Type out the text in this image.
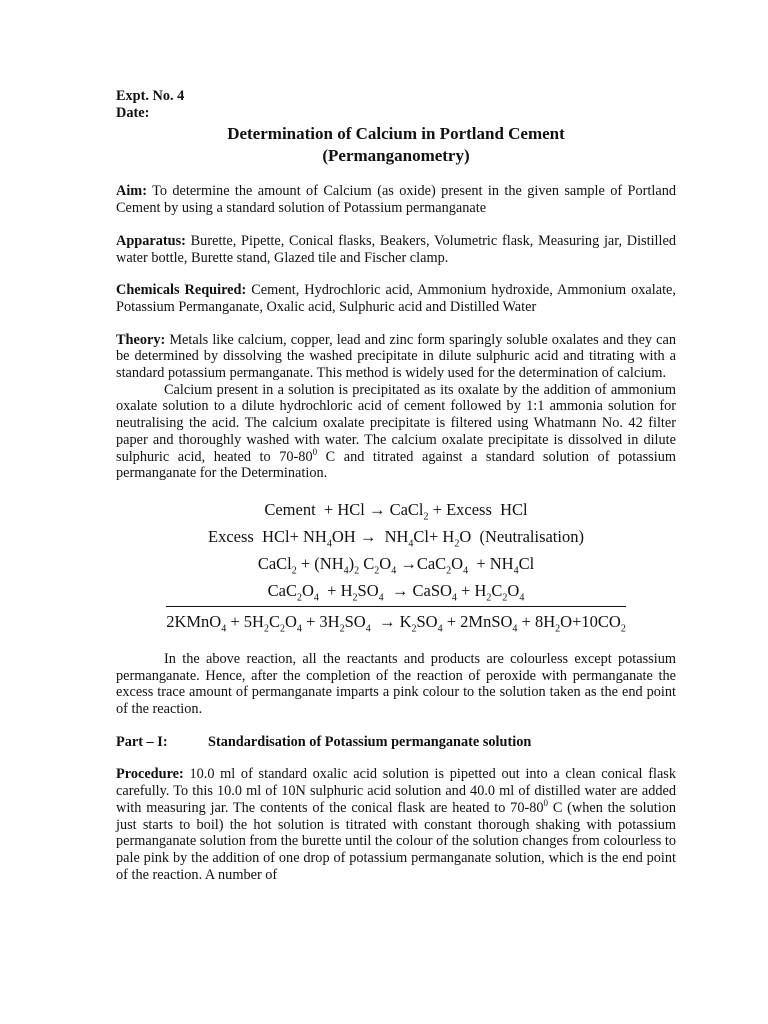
Expt. No. 4
Date:
Determination of Calcium in Portland Cement
(Permanganometry)

Aim: To determine the amount of Calcium (as oxide) present in the given sample of Portland Cement by using a standard solution of Potassium permanganate

Apparatus: Burette, Pipette, Conical flasks, Beakers, Volumetric flask, Measuring jar, Distilled water bottle, Burette stand, Glazed tile and Fischer clamp.

Chemicals Required: Cement, Hydrochloric acid, Ammonium hydroxide, Ammonium oxalate, Potassium Permanganate, Oxalic acid, Sulphuric acid and Distilled Water

Theory: Metals like calcium, copper, lead and zinc form sparingly soluble oxalates and they can be determined by dissolving the washed precipitate in dilute sulphuric acid and titrating with a standard potassium permanganate. This method is widely used for the determination of calcium.

Calcium present in a solution is precipitated as its oxalate by the addition of ammonium oxalate solution to a dilute hydrochloric acid of cement followed by 1:1 ammonia solution for neutralising the acid. The calcium oxalate precipitate is filtered using Whatmann No. 42 filter paper and thoroughly washed with water. The calcium oxalate precipitate is dissolved in dilute sulphuric acid, heated to $70-80^0$ C and titrated against a standard solution of potassium permanganate for the Determination.

Cement  + HCl → CaCl$_2$ + Excess  HCl
Excess  $HCl+ NH_4OH \to NH_4Cl+ H_2O$  (Neutralisation)
CaCl$_2$ + $(NH_4)_2$ $C_2O_4 \to CaC_2O_4 + NH_4Cl$
$CaC_2O_4 + H_2SO_4$  → CaSO$_4$ + $H_2C_2O_4$
2KMnO$_4$ + $5H_2C_2O_4 + 3H_2SO_4 \to K_2SO_4$ + 2MnSO$_4$ + $8H_2O+10CO_2$

In the above reaction, all the reactants and products are colourless except potassium permanganate. Hence, after the completion of the reaction of peroxide with permanganate the excess trace amount of permanganate imparts a pink colour to the solution taken as the end point of the reaction.

Part – I:	Standardisation of Potassium permanganate solution

Procedure: 10.0 ml of standard oxalic acid solution is pipetted out into a clean conical flask carefully. To this 10.0 ml of 10N sulphuric acid solution and 40.0 ml of distilled water are added with measuring jar. The contents of the conical flask are heated to $70-80^0$ C (when the solution just starts to boil) the hot solution is titrated with constant thorough shaking with potassium permanganate solution from the burette until the colour of the solution changes from colourless to pale pink by the addition of one drop of potassium permanganate solution, which is the end point of the reaction. A number of
